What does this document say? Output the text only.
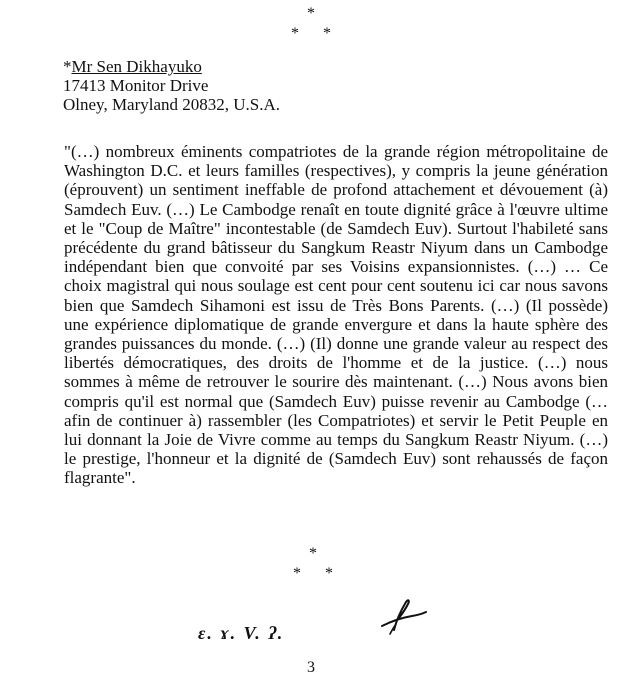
*
* *
*Mr Sen Dikhayuko
17413 Monitor Drive
Olney, Maryland 20832, U.S.A.

"(…) nombreux éminents compatriotes de la grande région métropolitaine de Washington D.C. et leurs familles (respectives), y compris la jeune génération (éprouvent) un sentiment ineffable de profond attachement et dévouement (à) Samdech Euv. (…) Le Cambodge renaît en toute dignité grâce à l'œuvre ultime et le "Coup de Maître" incontestable (de Samdech Euv). Surtout l'habileté sans précédente du grand bâtisseur du Sangkum Reastr Niyum dans un Cambodge indépendant bien que convoité par ses Voisins expansionnistes. (…) … Ce choix magistral qui nous soulage est cent pour cent soutenu ici car nous savons bien que Samdech Sihamoni est issu de Très Bons Parents. (…) (Il possède) une expérience diplomatique de grande envergure et dans la haute sphère des grandes puissances du monde. (…) (Il) donne une grande valeur au respect des libertés démocratiques, des droits de l'homme et de la justice. (…) nous sommes à même de retrouver le sourire dès maintenant. (…) Nous avons bien compris qu'il est normal que (Samdech Euv) puisse revenir au Cambodge (… afin de continuer à) rassembler (les Compatriotes) et servir le Petit Peuple en lui donnant la Joie de Vivre comme au temps du Sangkum Reastr Niyum. (…) le prestige, l'honneur et la dignité de (Samdech Euv) sont rehaussés de façon flagrante".

*
* *
ɛ. ɤ. V. ʔ.
3
